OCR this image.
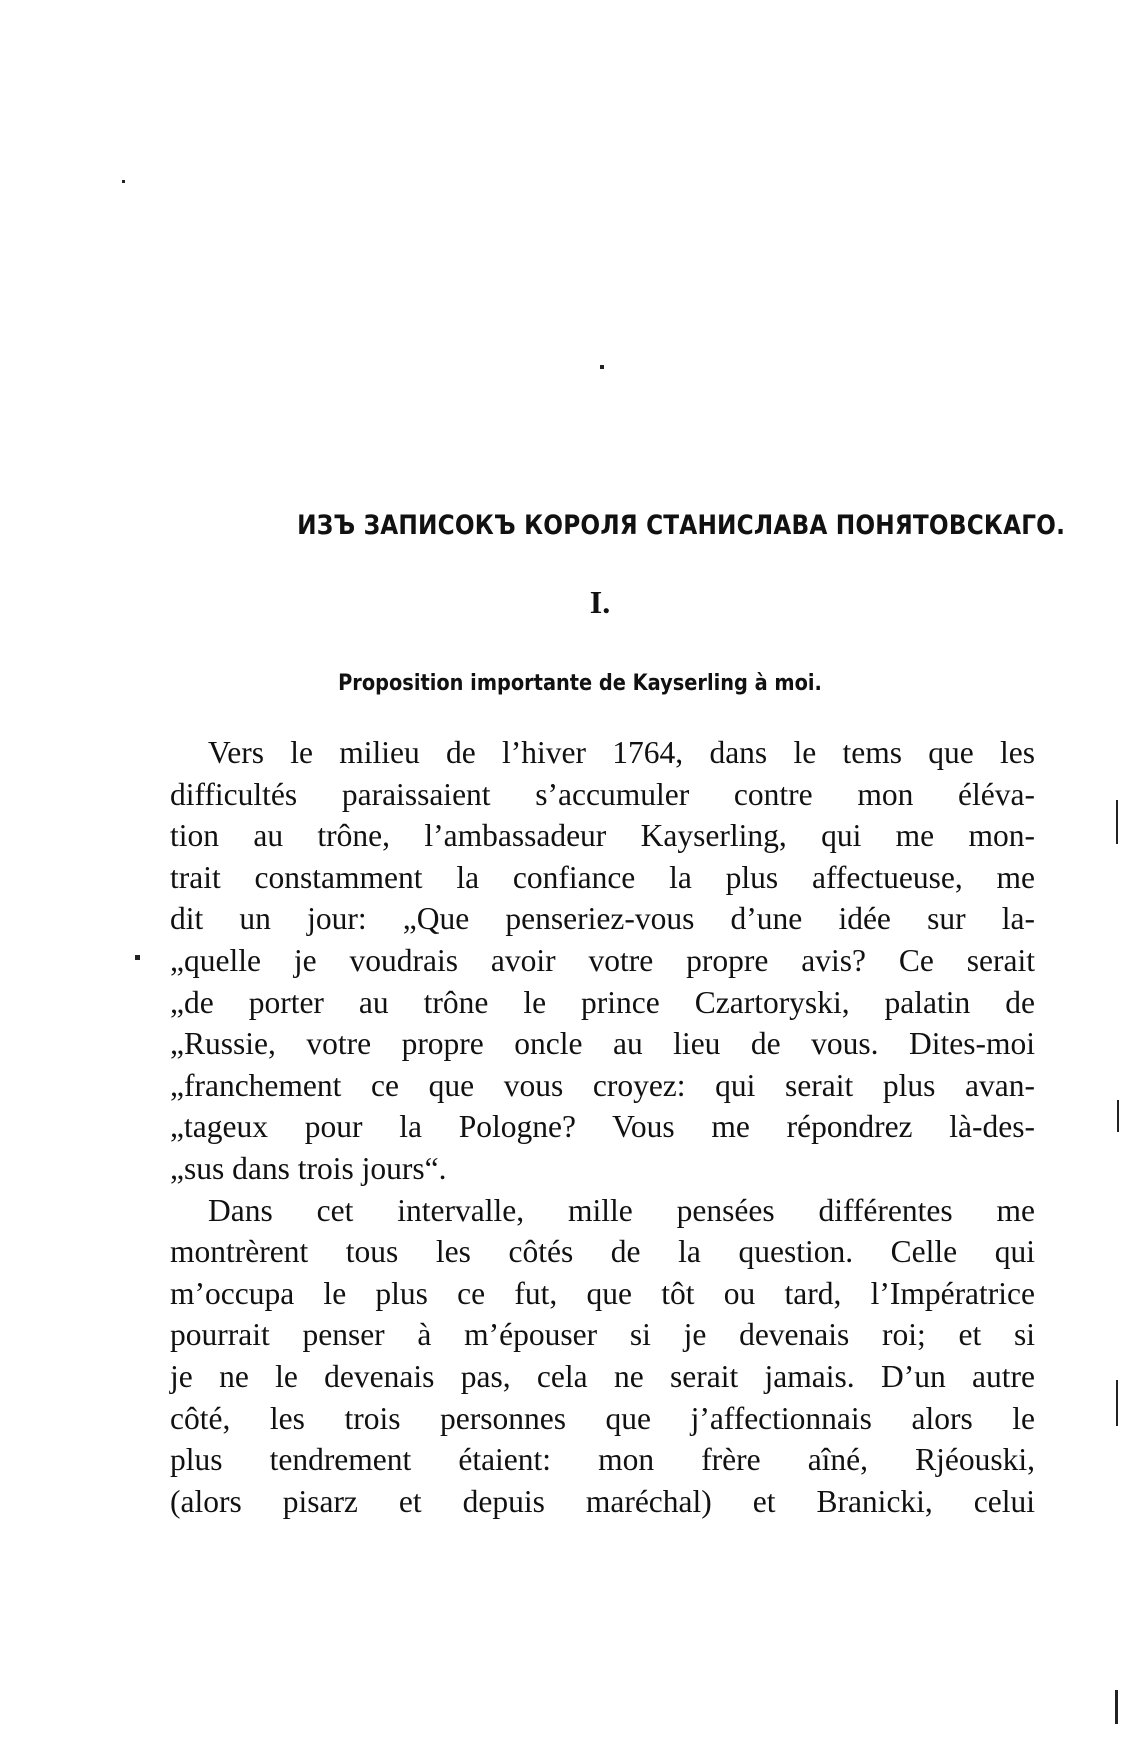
ИЗЪ ЗАПИСОКЪ КОРОЛЯ СТАНИСЛАВА ПОНЯТОВСКАГО.
I.
Proposition importante de Kayserling à moi.
Vers le milieu de l’hiver 1764, dans le tems que les
difficultés paraissaient s’accumuler contre mon éléva-
tion au trône, l’ambassadeur Kayserling, qui me mon-
trait constamment la confiance la plus affectueuse, me
dit un jour: „Que penseriez-vous d’une idée sur la-
„quelle je voudrais avoir votre propre avis? Ce serait
„de porter au trône le prince Czartoryski, palatin de
„Russie, votre propre oncle au lieu de vous. Dites-moi
„franchement ce que vous croyez: qui serait plus avan-
„tageux pour la Pologne? Vous me répondrez là-des-
„sus dans trois jours“.
Dans cet intervalle, mille pensées différentes me
montrèrent tous les côtés de la question. Celle qui
m’occupa le plus ce fut, que tôt ou tard, l’Impératrice
pourrait penser à m’épouser si je devenais roi; et si
je ne le devenais pas, cela ne serait jamais. D’un autre
côté, les trois personnes que j’affectionnais alors le
plus tendrement étaient: mon frère aîné, Rjéouski,
(alors pisarz et depuis maréchal) et Branicki, celui
